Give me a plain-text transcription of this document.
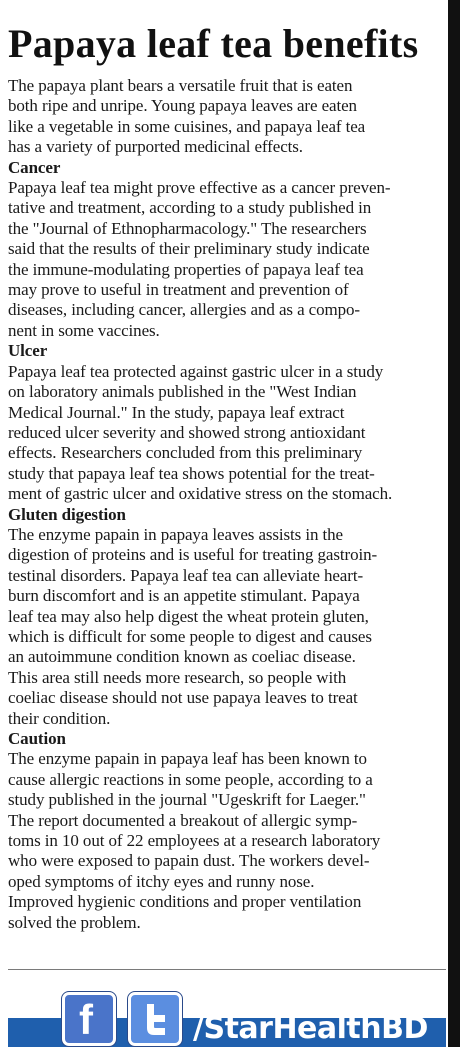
Papaya leaf tea benefits
The papaya plant bears a versatile fruit that is eaten
both ripe and unripe. Young papaya leaves are eaten
like a vegetable in some cuisines, and papaya leaf tea
has a variety of purported medicinal effects.
Cancer
Papaya leaf tea might prove effective as a cancer preven-
tative and treatment, according to a study published in
the "Journal of Ethnopharmacology." The researchers
said that the results of their preliminary study indicate
the immune-modulating properties of papaya leaf tea
may prove to useful in treatment and prevention of
diseases, including cancer, allergies and as a compo-
nent in some vaccines.
Ulcer
Papaya leaf tea protected against gastric ulcer in a study
on laboratory animals published in the "West Indian
Medical Journal." In the study, papaya leaf extract
reduced ulcer severity and showed strong antioxidant
effects. Researchers concluded from this preliminary
study that papaya leaf tea shows potential for the treat-
ment of gastric ulcer and oxidative stress on the stomach.
Gluten digestion
The enzyme papain in papaya leaves assists in the
digestion of proteins and is useful for treating gastroin-
testinal disorders. Papaya leaf tea can alleviate heart-
burn discomfort and is an appetite stimulant. Papaya
leaf tea may also help digest the wheat protein gluten,
which is difficult for some people to digest and causes
an autoimmune condition known as coeliac disease.
This area still needs more research, so people with
coeliac disease should not use papaya leaves to treat
their condition.
Caution
The enzyme papain in papaya leaf has been known to
cause allergic reactions in some people, according to a
study published in the journal "Ugeskrift for Laeger."
The report documented a breakout of allergic symp-
toms in 10 out of 22 employees at a research laboratory
who were exposed to papain dust. The workers devel-
oped symptoms of itchy eyes and runny nose.
Improved hygienic conditions and proper ventilation
solved the problem.
f	/StarHealthBD
